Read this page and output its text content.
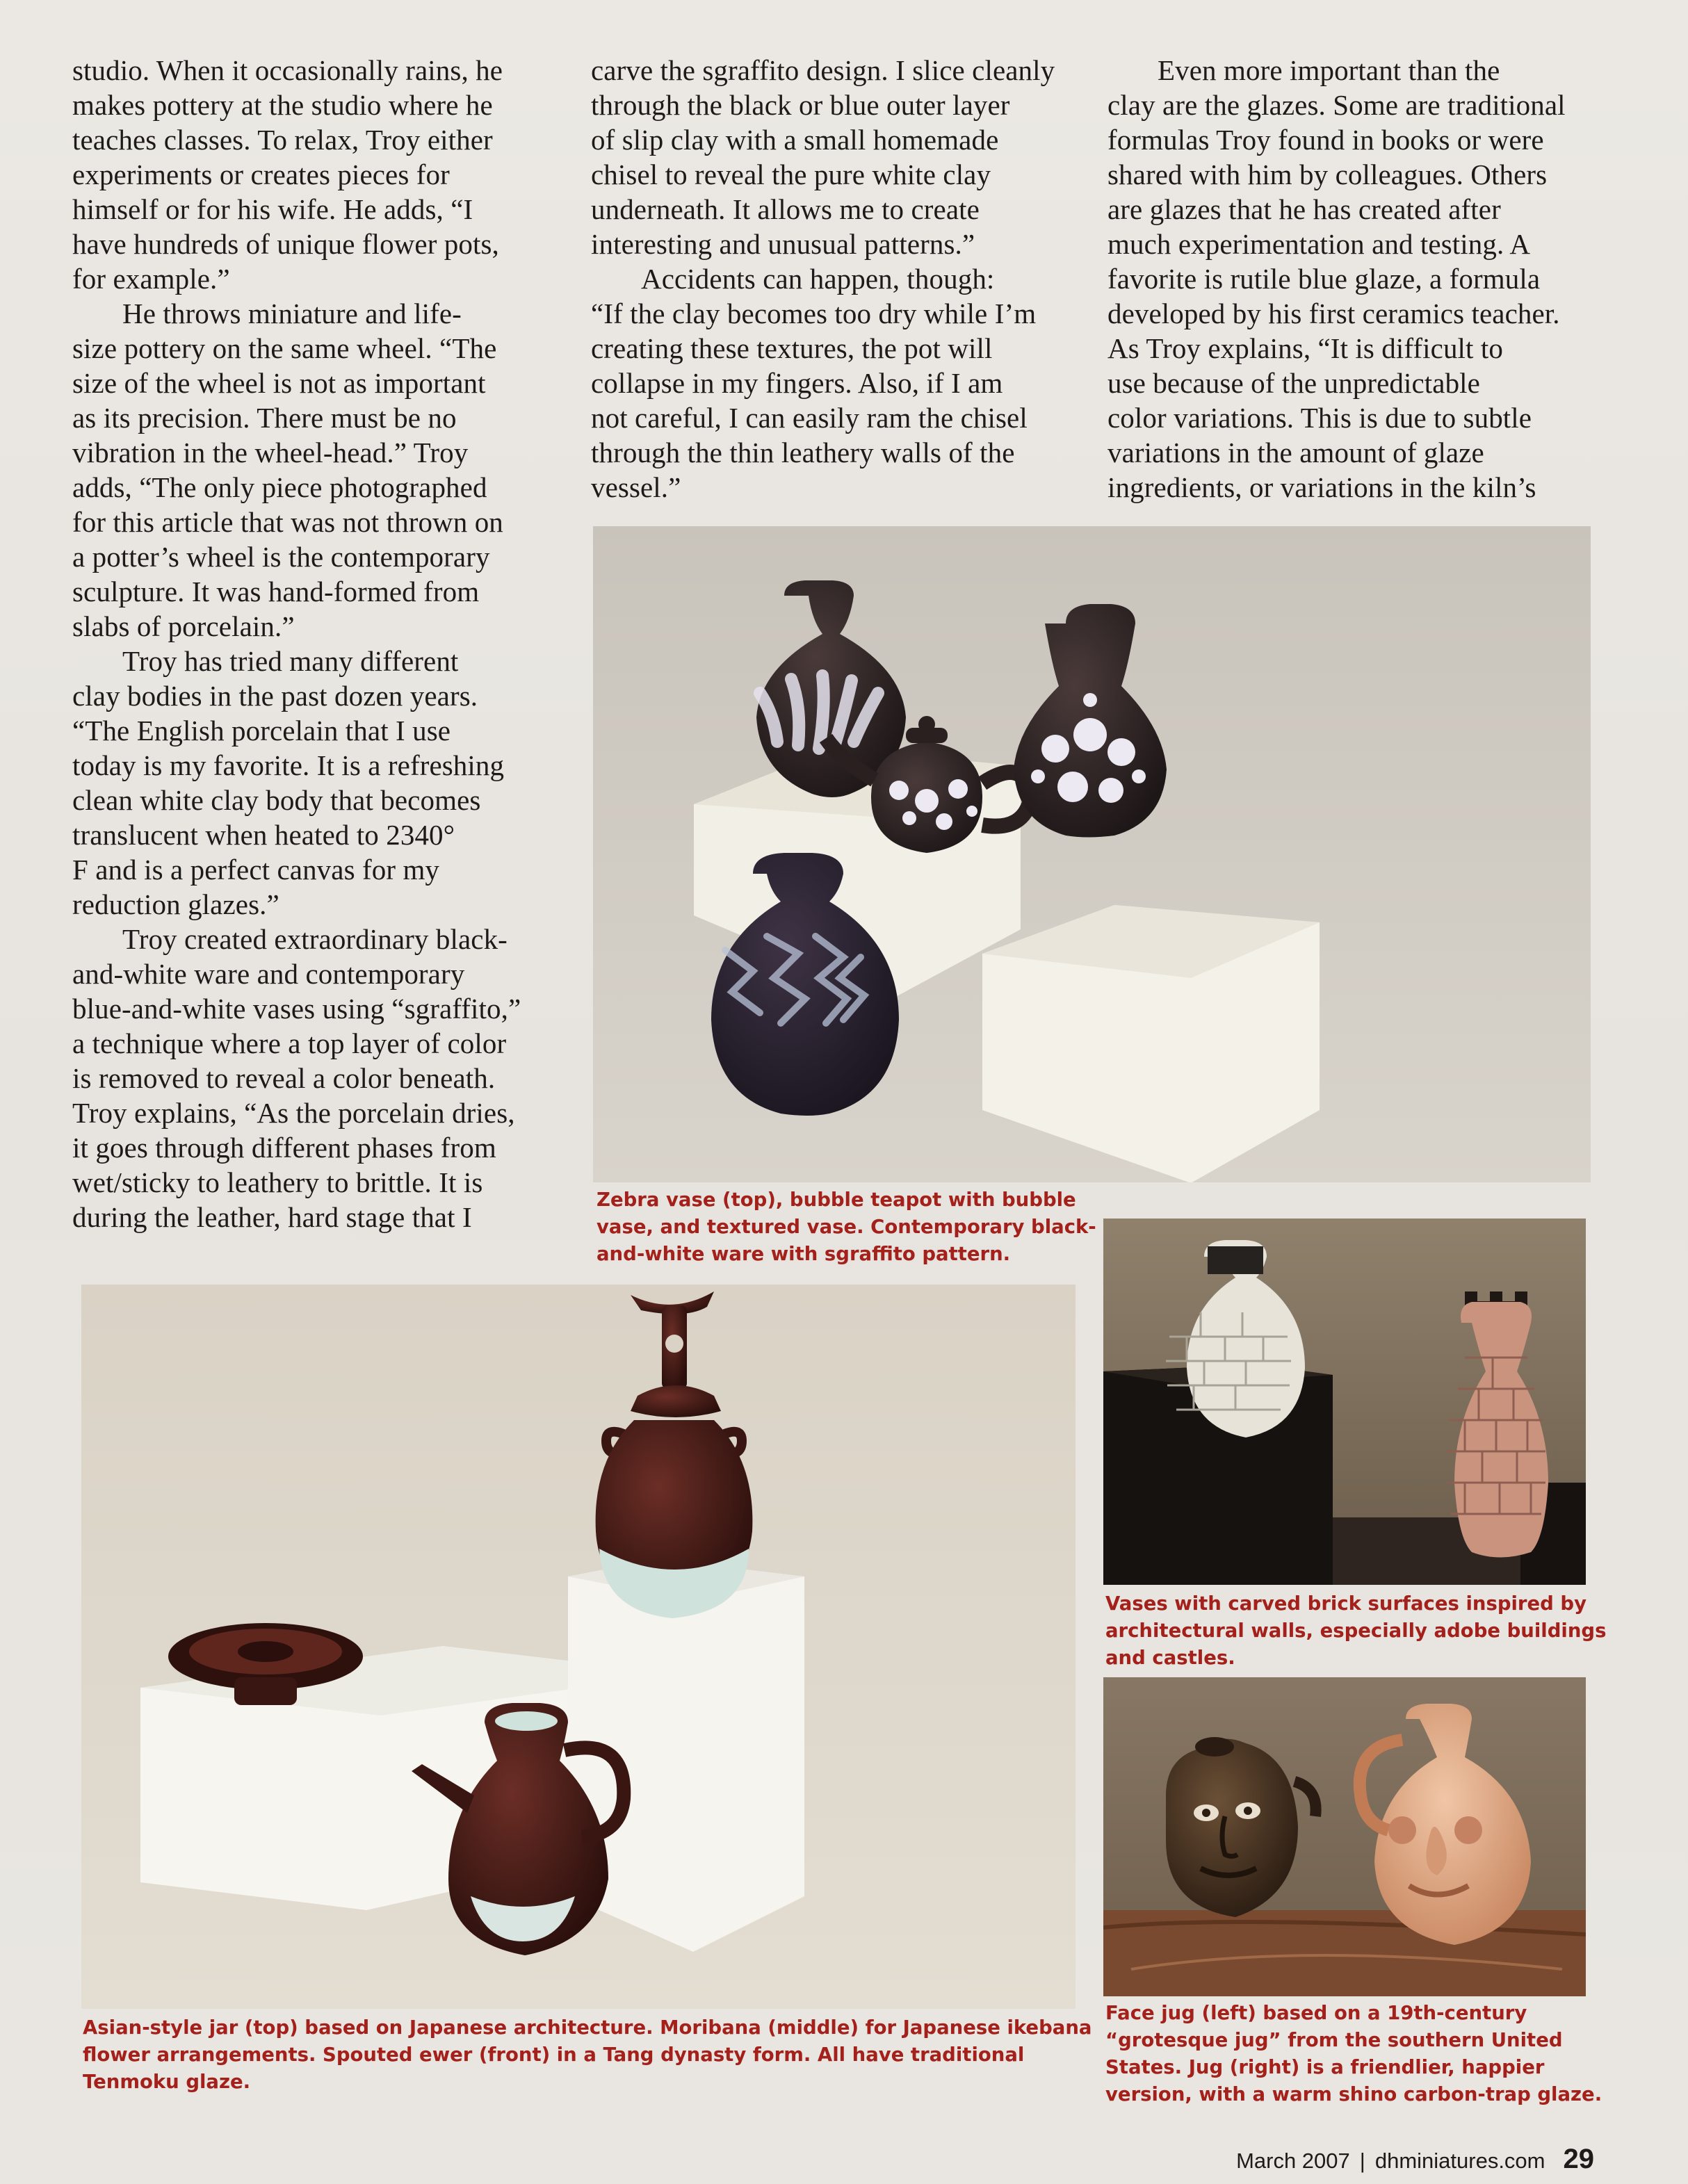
studio. When it occasionally rains, he
makes pottery at the studio where he
teaches classes. To relax, Troy either
experiments or creates pieces for
himself or for his wife. He adds, “I
have hundreds of unique flower pots,
for example.”
He throws miniature and life-
size pottery on the same wheel. “The
size of the wheel is not as important
as its precision. There must be no
vibration in the wheel-head.” Troy
adds, “The only piece photographed
for this article that was not thrown on
a potter’s wheel is the contemporary
sculpture. It was hand-formed from
slabs of porcelain.”
Troy has tried many different
clay bodies in the past dozen years.
“The English porcelain that I use
today is my favorite. It is a refreshing
clean white clay body that becomes
translucent when heated to 2340°
F and is a perfect canvas for my
reduction glazes.”
Troy created extraordinary black-
and-white ware and contemporary
blue-and-white vases using “sgraffito,”
a technique where a top layer of color
is removed to reveal a color beneath.
Troy explains, “As the porcelain dries,
it goes through different phases from
wet/sticky to leathery to brittle. It is
during the leather, hard stage that I
carve the sgraffito design. I slice cleanly
through the black or blue outer layer
of slip clay with a small homemade
chisel to reveal the pure white clay
underneath. It allows me to create
interesting and unusual patterns.”
Accidents can happen, though:
“If the clay becomes too dry while I’m
creating these textures, the pot will
collapse in my fingers. Also, if I am
not careful, I can easily ram the chisel
through the thin leathery walls of the
vessel.”
Even more important than the
clay are the glazes. Some are traditional
formulas Troy found in books or were
shared with him by colleagues. Others
are glazes that he has created after
much experimentation and testing. A
favorite is rutile blue glaze, a formula
developed by his first ceramics teacher.
As Troy explains, “It is difficult to
use because of the unpredictable
color variations. This is due to subtle
variations in the amount of glaze
ingredients, or variations in the kiln’s
Zebra vase (top), bubble teapot with bubble
vase, and textured vase. Contemporary black-
and-white ware with sgraffito pattern.
Vases with carved brick surfaces inspired by
architectural walls, especially adobe buildings
and castles.
Asian-style jar (top) based on Japanese architecture. Moribana (middle) for Japanese ikebana
flower arrangements. Spouted ewer (front) in a Tang dynasty form. All have traditional
Tenmoku glaze.
Face jug (left) based on a 19th-century
“grotesque jug” from the southern United
States. Jug (right) is a friendlier, happier
version, with a warm shino carbon-trap glaze.
March 2007 | dhminiatures.com 29
